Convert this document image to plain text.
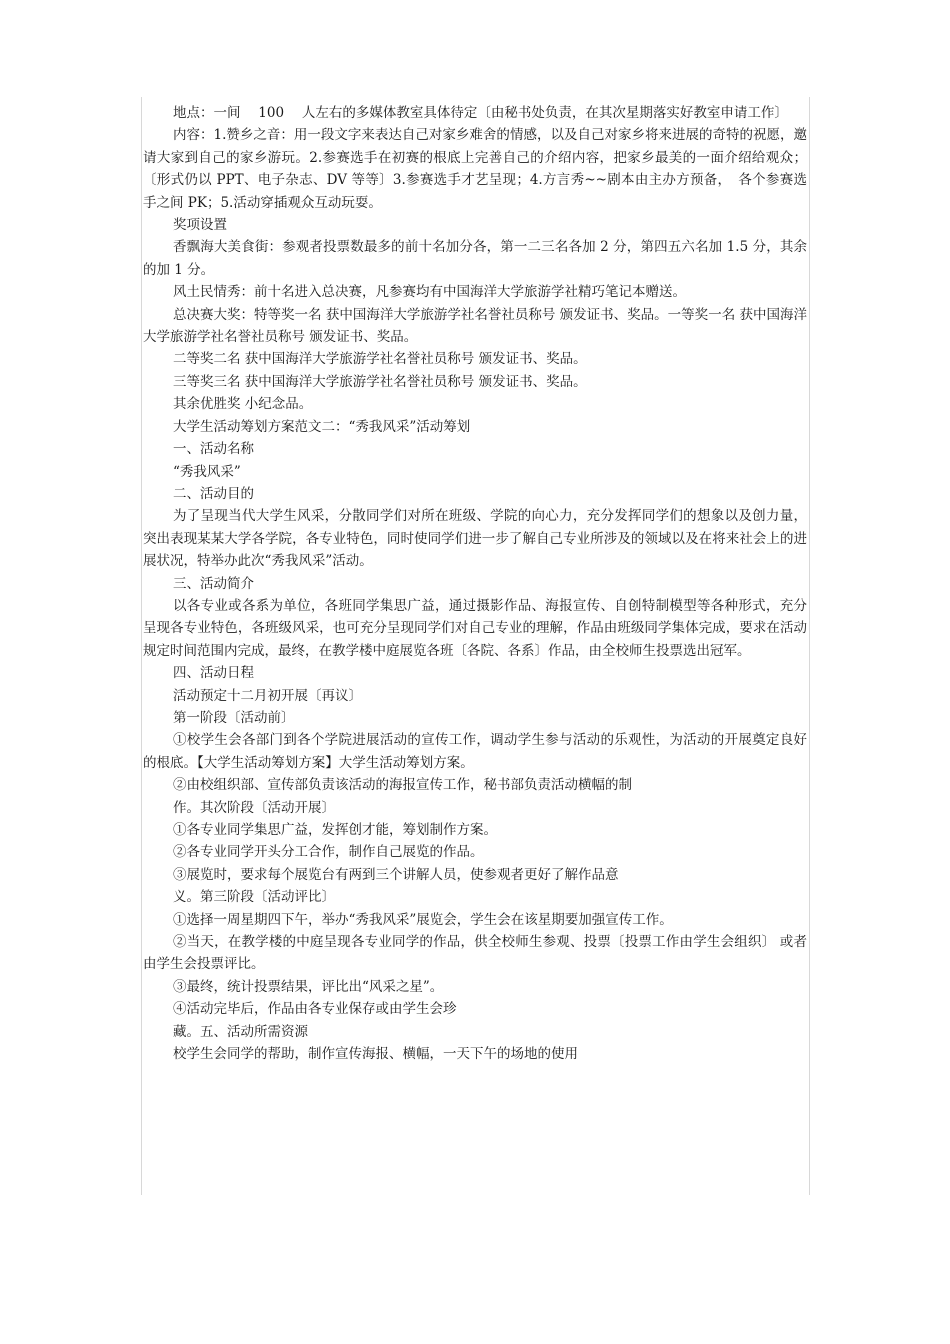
地点：一间　 100　 人左右的多媒体教室具体待定〔由秘书处负责，在其次星期落实好教室申请工作〕

内容：1.赞乡之音：用一段文字来表达自己对家乡难舍的情感，以及自己对家乡将来进展的奇特的祝愿，邀请大家到自己的家乡游玩。2.参赛选手在初赛的根底上完善自己的介绍内容，把家乡最美的一面介绍给观众；〔形式仍以 PPT、电子杂志、DV 等等〕3.参赛选手才艺呈现；4.方言秀~~剧本由主办方预备，　各个参赛选手之间 PK；5.活动穿插观众互动玩耍。

奖项设置

香飘海大美食街：参观者投票数最多的前十名加分各，第一二三名各加 2 分，第四五六名加 1.5 分，其余的加 1 分。

风土民情秀：前十名进入总决赛，凡参赛均有中国海洋大学旅游学社精巧笔记本赠送。

总决赛大奖：特等奖一名 获中国海洋大学旅游学社名誉社员称号 颁发证书、奖品。一等奖一名 获中国海洋大学旅游学社名誉社员称号 颁发证书、奖品。

二等奖二名 获中国海洋大学旅游学社名誉社员称号 颁发证书、奖品。

三等奖三名 获中国海洋大学旅游学社名誉社员称号 颁发证书、奖品。

其余优胜奖 小纪念品。

大学生活动筹划方案范文二：“秀我风采”活动筹划

一、活动名称

“秀我风采”

二、活动目的

为了呈现当代大学生风采，分散同学们对所在班级、学院的向心力，充分发挥同学们的想象以及创力量，突出表现某某大学各学院，各专业特色，同时使同学们进一步了解自己专业所涉及的领域以及在将来社会上的进展状况，特举办此次“秀我风采”活动。

三、活动简介

以各专业或各系为单位，各班同学集思广益，通过摄影作品、海报宣传、自创特制模型等各种形式，充分呈现各专业特色，各班级风采，也可充分呈现同学们对自己专业的理解，作品由班级同学集体完成，要求在活动规定时间范围内完成，最终，在教学楼中庭展览各班〔各院、各系〕作品，由全校师生投票选出冠军。

四、活动日程

活动预定十二月初开展〔再议〕

第一阶段〔活动前〕

①校学生会各部门到各个学院进展活动的宣传工作，调动学生参与活动的乐观性，为活动的开展奠定良好的根底。【大学生活动筹划方案】大学生活动筹划方案。

②由校组织部、宣传部负责该活动的海报宣传工作，秘书部负责活动横幅的制

作。其次阶段〔活动开展〕

①各专业同学集思广益，发挥创才能，筹划制作方案。

②各专业同学开头分工合作，制作自己展览的作品。

③展览时，要求每个展览台有两到三个讲解人员，使参观者更好了解作品意

义。第三阶段〔活动评比〕

①选择一周星期四下午，举办“秀我风采”展览会，学生会在该星期要加强宣传工作。

②当天，在教学楼的中庭呈现各专业同学的作品，供全校师生参观、投票〔投票工作由学生会组织〕 或者由学生会投票评比。

③最终，统计投票结果，评比出“风采之星”。

④活动完毕后，作品由各专业保存或由学生会珍

藏。五、活动所需资源

校学生会同学的帮助，制作宣传海报、横幅，一天下午的场地的使用
